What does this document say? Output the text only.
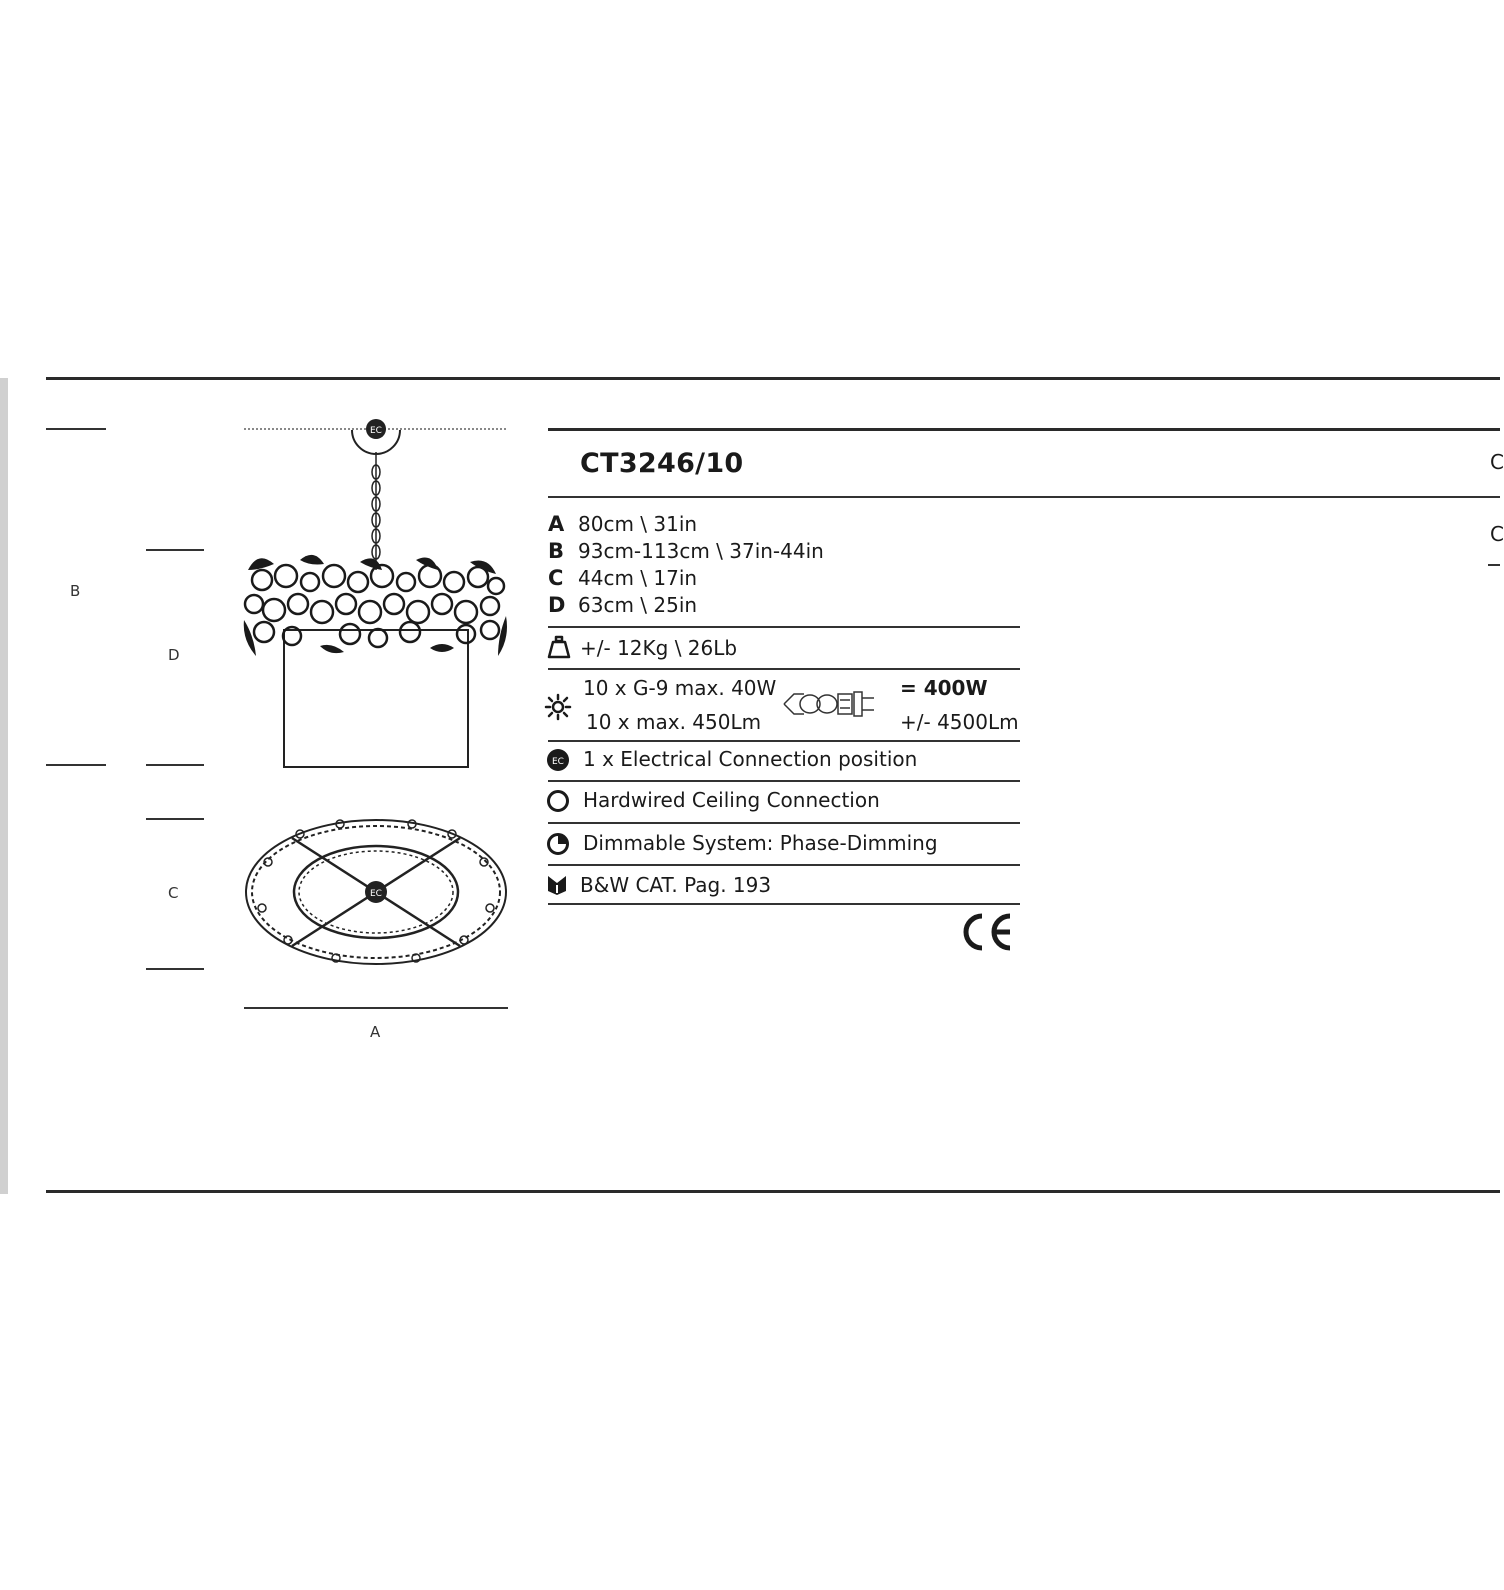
B
D
C
A
EC
EC
CT3246/10	C
C
A 80cm \ 31in
B 93cm-113cm \ 37in-44in
C 44cm \ 17in
D 63cm \ 25in
+/- 12Kg \ 26Lb
10 x G-9 max. 40W
10 x max. 450Lm
= 400W
+/- 4500Lm
EC 1 x Electrical Connection position
Hardwired Ceiling Connection
Dimmable System: Phase-Dimming
B&W CAT. Pag. 193
CE
